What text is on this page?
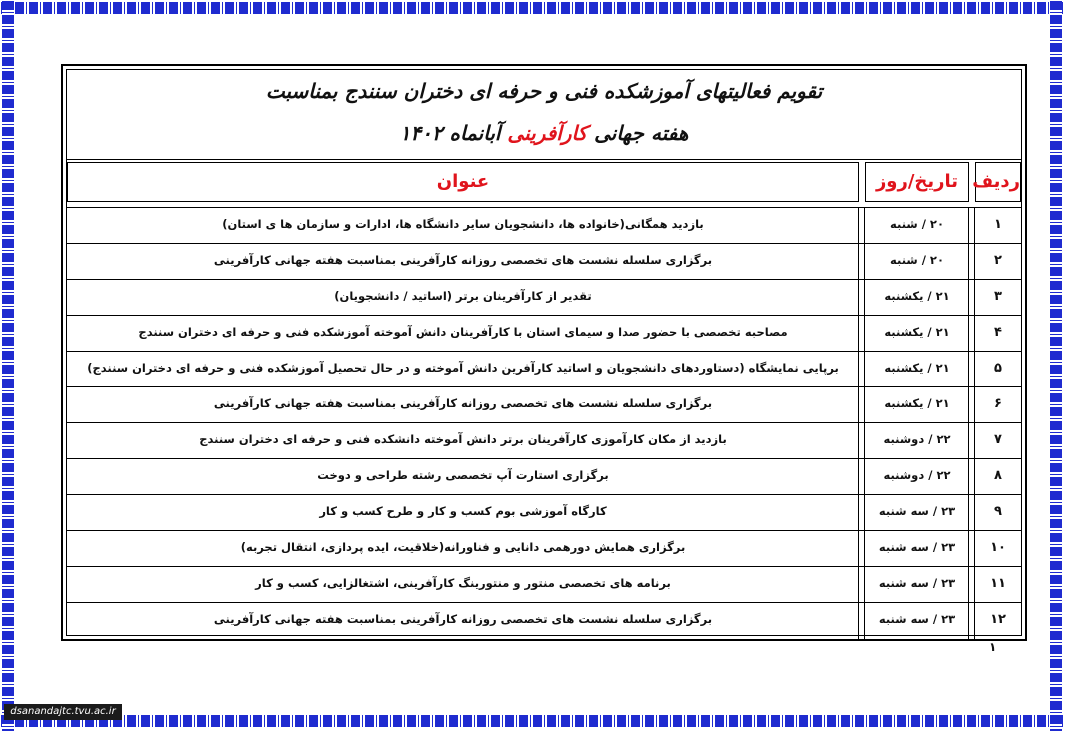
تقویم فعالیتهای آموزشکده فنی و حرفه ای دختران سنندج بمناسبت
هفته جهانی کارآفرینی آبانماه ۱۴۰۲
ردیف
تاریخ/روز
عنوان
۱
۲۰ / شنبه
بازدید همگانی(خانواده ها، دانشجویان سایر دانشگاه ها، ادارات و سازمان ها ی استان)
۲
۲۰ / شنبه
برگزاری سلسله نشست های تخصصی روزانه کارآفرینی بمناسبت هفته جهانی کارآفرینی
۳
۲۱ / یکشنبه
تقدیر از کارآفرینان برتر (اساتید / دانشجویان)
۴
۲۱ / یکشنبه
مصاحبه تخصصی با حضور صدا و سیمای استان با کارآفرینان دانش آموخته آموزشکده فنی و حرفه ای دختران سنندج
۵
۲۱ / یکشنبه
برپایی نمایشگاه (دستاوردهای دانشجویان و اساتید کارآفرین دانش آموخته و در حال تحصیل آموزشکده فنی و حرفه ای دختران سنندج)
۶
۲۱ / یکشنبه
برگزاری سلسله نشست های تخصصی روزانه کارآفرینی بمناسبت هفته جهانی کارآفرینی
۷
۲۲ / دوشنبه
بازدید از مکان کارآموزی کارآفرینان برتر دانش آموخته دانشکده فنی و حرفه ای دختران سنندج
۸
۲۲ / دوشنبه
برگزاری استارت آپ تخصصی رشته طراحی و دوخت
۹
۲۳ / سه شنبه
کارگاه آموزشی بوم کسب و کار و طرح کسب و کار
۱۰
۲۳ / سه شنبه
برگزاری همایش دورهمی دانایی و فناورانه(خلاقیت، ایده پردازی، انتقال تجربه)
۱۱
۲۳ / سه شنبه
برنامه های تخصصی منتور و منتورینگ کارآفرینی، اشتغالزایی، کسب و کار
۱۲
۲۳ / سه شنبه
برگزاری سلسله نشست های تخصصی روزانه کارآفرینی بمناسبت هفته جهانی کارآفرینی
۱
dsanandajtc.tvu.ac.ir
